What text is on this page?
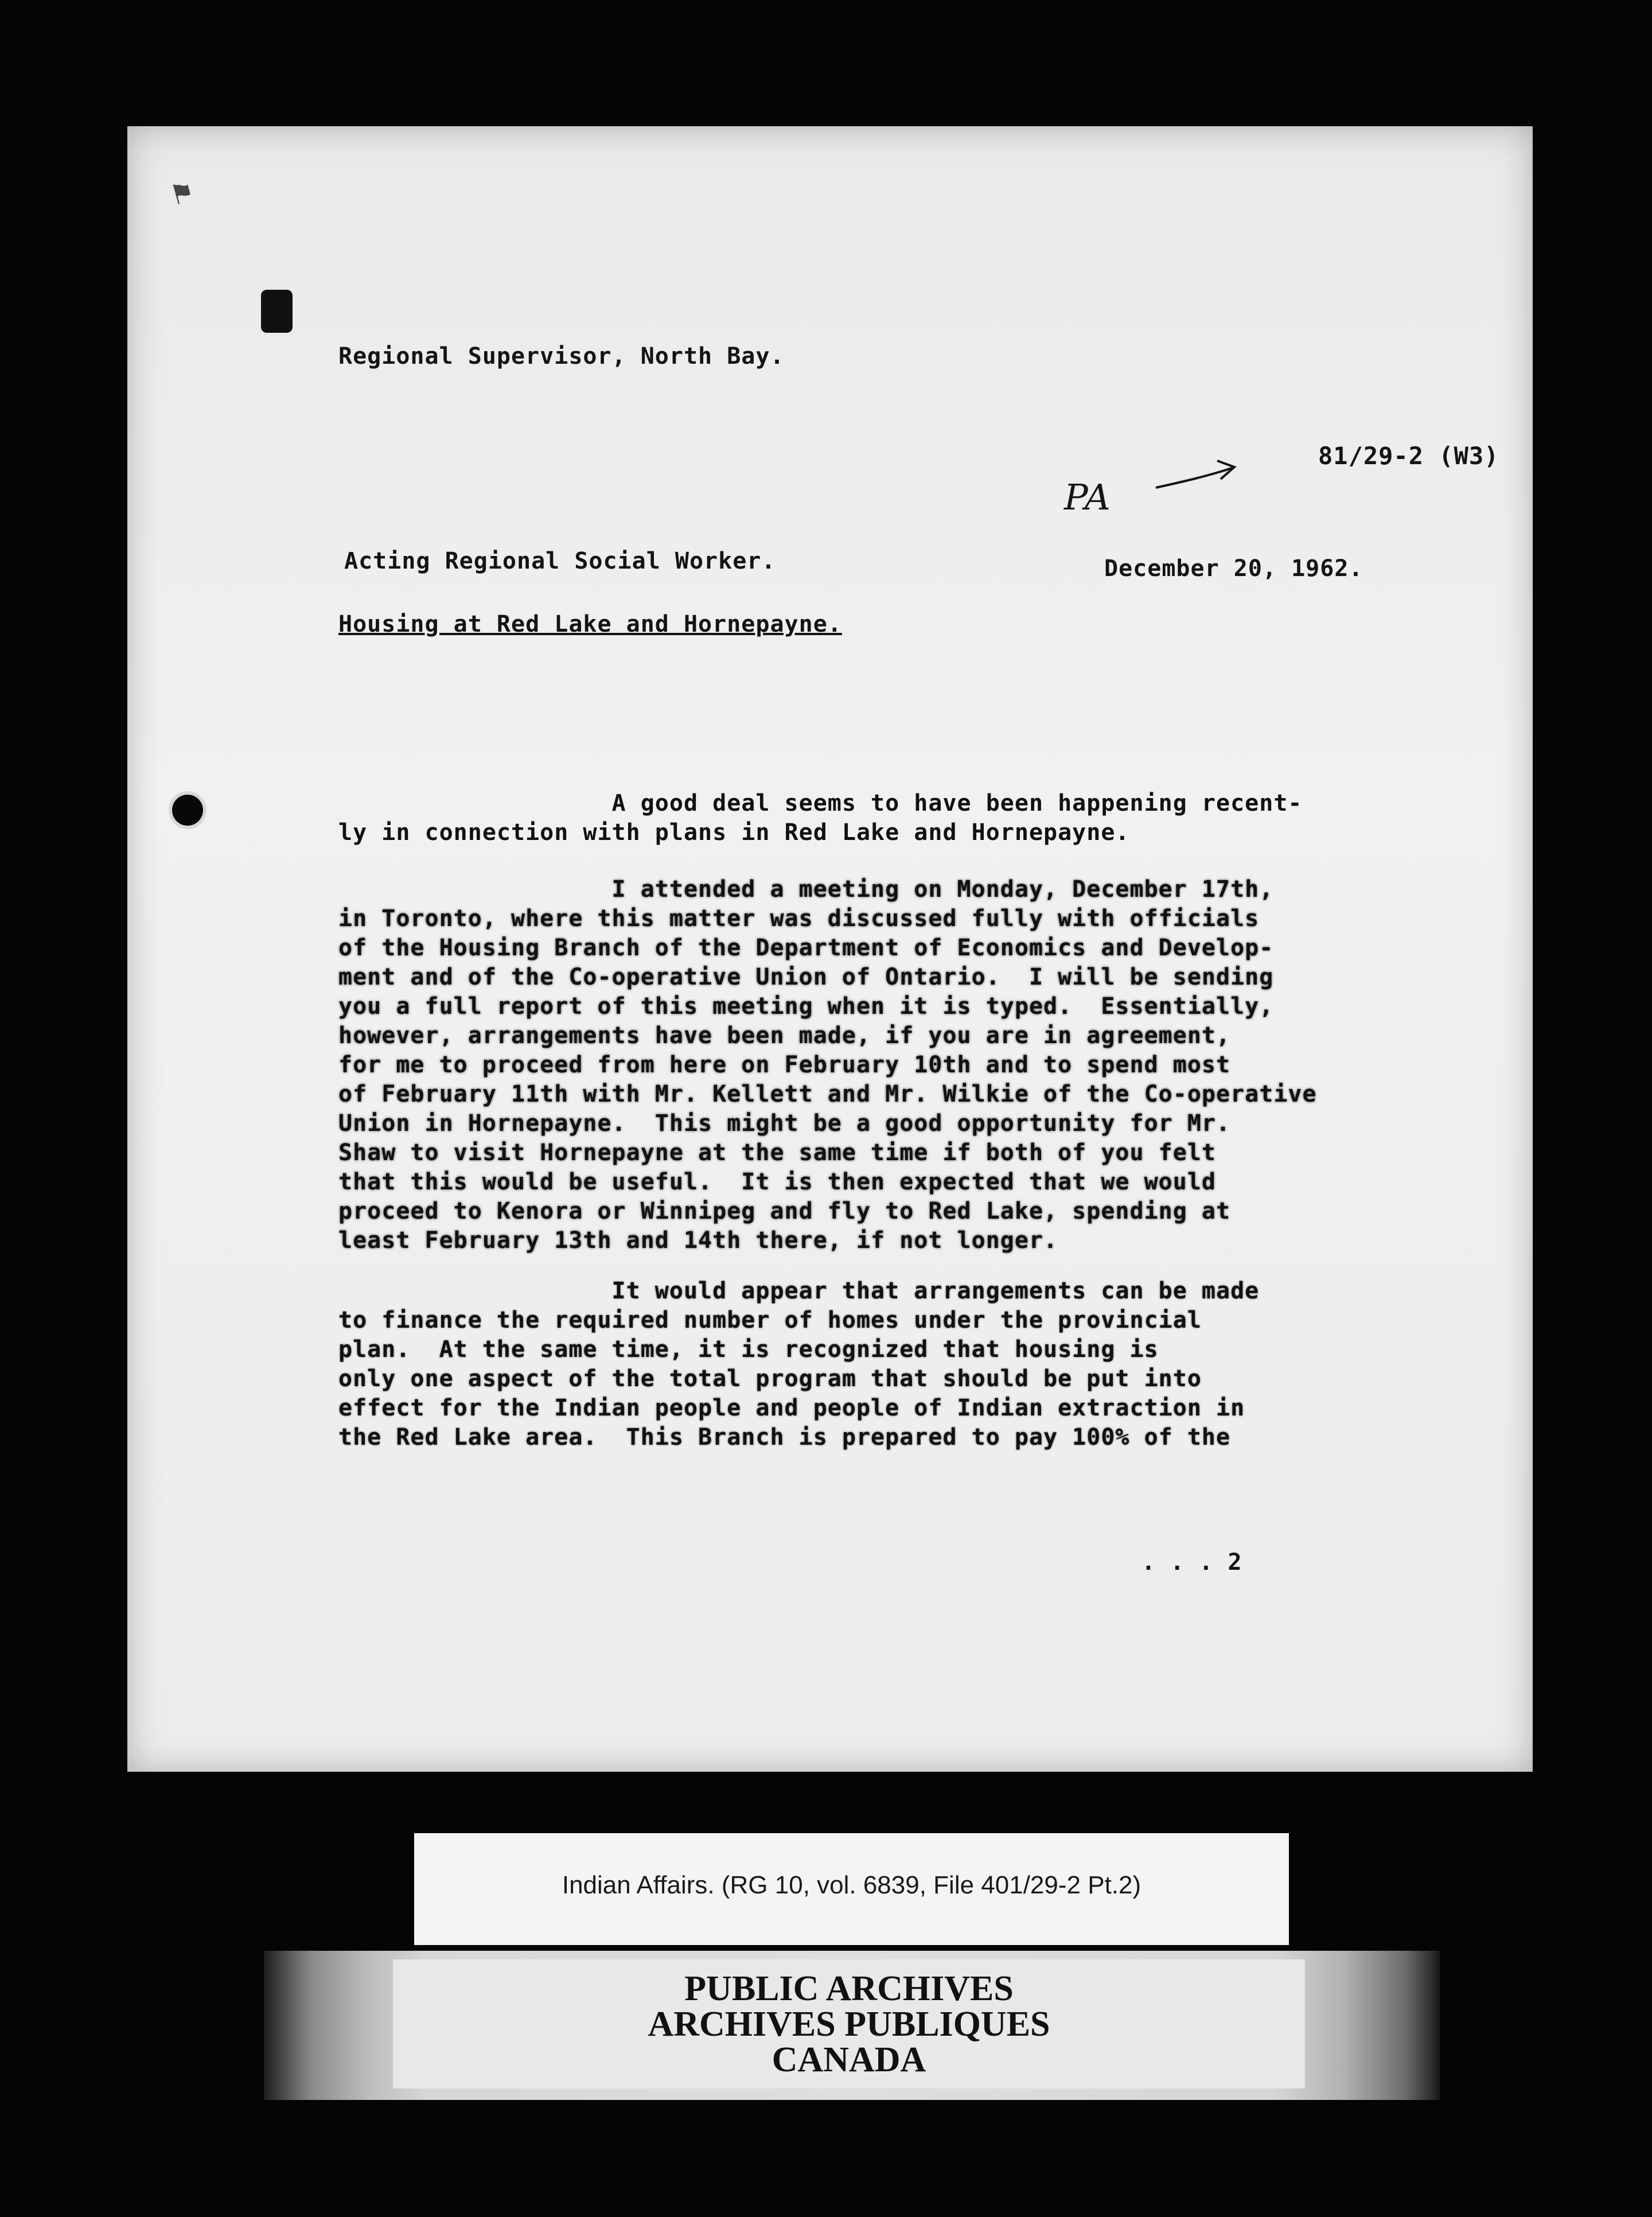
⚑
Regional Supervisor, North Bay.
81/29-2 (W3)
PA
Acting Regional Social Worker.	December 20, 1962.
Housing at Red Lake and Hornepayne.
A good deal seems to have been happening recent-
ly in connection with plans in Red Lake and Hornepayne.
I attended a meeting on Monday, December 17th,
in Toronto, where this matter was discussed fully with officials
of the Housing Branch of the Department of Economics and Develop-
ment and of the Co-operative Union of Ontario.  I will be sending
you a full report of this meeting when it is typed.  Essentially,
however, arrangements have been made, if you are in agreement,
for me to proceed from here on February 10th and to spend most
of February 11th with Mr. Kellett and Mr. Wilkie of the Co-operative
Union in Hornepayne.  This might be a good opportunity for Mr.
Shaw to visit Hornepayne at the same time if both of you felt
that this would be useful.  It is then expected that we would
proceed to Kenora or Winnipeg and fly to Red Lake, spending at
least February 13th and 14th there, if not longer.
It would appear that arrangements can be made
to finance the required number of homes under the provincial
plan.  At the same time, it is recognized that housing is
only one aspect of the total program that should be put into
effect for the Indian people and people of Indian extraction in
the Red Lake area.  This Branch is prepared to pay 100% of the
. . . 2
Indian Affairs. (RG 10, vol. 6839, File 401/29-2 Pt.2)
PUBLIC ARCHIVES
ARCHIVES PUBLIQUES
CANADA
